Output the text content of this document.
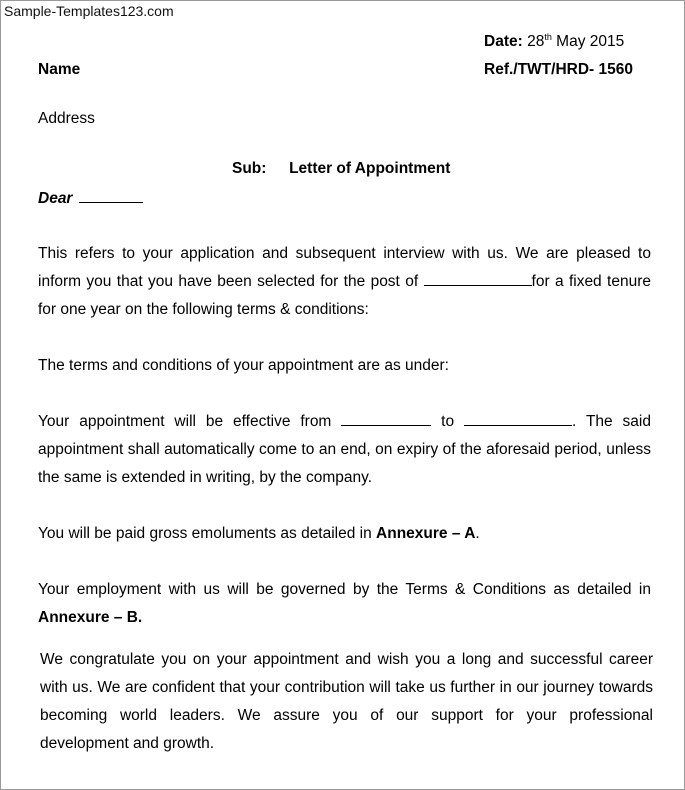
Sample-Templates123.com
Date: 28th May 2015
Name	Ref./TWT/HRD- 1560
Address
Sub: Letter of Appointment
Dear
This refers to your application and subsequent interview with us. We are pleased to inform you that you have been selected for the post of	for a fixed tenure for one year on the following terms & conditions:
The terms and conditions of your appointment are as under:
Your appointment will be effective from	to	. The said appointment shall automatically come to an end, on expiry of the aforesaid period, unless the same is extended in writing, by the company.
You will be paid gross emoluments as detailed in Annexure – A.
Your employment with us will be governed by the Terms & Conditions as detailed in Annexure – B.
We congratulate you on your appointment and wish you a long and successful career with us. We are confident that your contribution will take us further in our journey towards becoming world leaders. We assure you of our support for your professional development and growth.
